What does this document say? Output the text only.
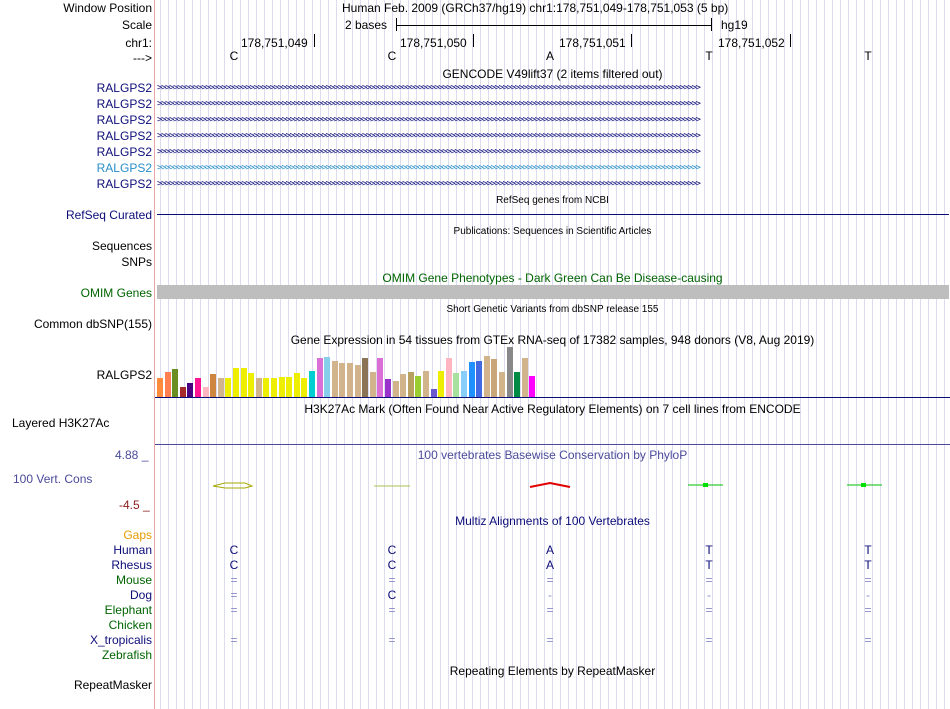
Window Position
Scale
chr1:
--->
Human Feb. 2009 (GRCh37/hg19) chr1:178,751,049-178,751,053 (5 bp)
2 bases	hg19
178,751,049	178,751,050	178,751,051	178,751,052
C	C	A	T	T
GENCODE V49lift37 (2 items filtered out)
RALGPS2 >>>>>>>>>>>>>>>>>>>>>>>>>>>>>>>>>>>>>>>>>>>>>>>>>>>>>>>>>>>>>>>>>>>>>>>>>>>>>>>>>>>>>>>>>>>>>>>>>>>>>>>>>>>>>>>>>>>>>>>>>>>>>>>>>>>>>>>
RALGPS2 >>>>>>>>>>>>>>>>>>>>>>>>>>>>>>>>>>>>>>>>>>>>>>>>>>>>>>>>>>>>>>>>>>>>>>>>>>>>>>>>>>>>>>>>>>>>>>>>>>>>>>>>>>>>>>>>>>>>>>>>>>>>>>>>>>>>>>>
RALGPS2 >>>>>>>>>>>>>>>>>>>>>>>>>>>>>>>>>>>>>>>>>>>>>>>>>>>>>>>>>>>>>>>>>>>>>>>>>>>>>>>>>>>>>>>>>>>>>>>>>>>>>>>>>>>>>>>>>>>>>>>>>>>>>>>>>>>>>>>
RALGPS2 >>>>>>>>>>>>>>>>>>>>>>>>>>>>>>>>>>>>>>>>>>>>>>>>>>>>>>>>>>>>>>>>>>>>>>>>>>>>>>>>>>>>>>>>>>>>>>>>>>>>>>>>>>>>>>>>>>>>>>>>>>>>>>>>>>>>>>>
RALGPS2 >>>>>>>>>>>>>>>>>>>>>>>>>>>>>>>>>>>>>>>>>>>>>>>>>>>>>>>>>>>>>>>>>>>>>>>>>>>>>>>>>>>>>>>>>>>>>>>>>>>>>>>>>>>>>>>>>>>>>>>>>>>>>>>>>>>>>>>
RALGPS2 >>>>>>>>>>>>>>>>>>>>>>>>>>>>>>>>>>>>>>>>>>>>>>>>>>>>>>>>>>>>>>>>>>>>>>>>>>>>>>>>>>>>>>>>>>>>>>>>>>>>>>>>>>>>>>>>>>>>>>>>>>>>>>>>>>>>>>>
RALGPS2 >>>>>>>>>>>>>>>>>>>>>>>>>>>>>>>>>>>>>>>>>>>>>>>>>>>>>>>>>>>>>>>>>>>>>>>>>>>>>>>>>>>>>>>>>>>>>>>>>>>>>>>>>>>>>>>>>>>>>>>>>>>>>>>>>>>>>>>
RefSeq genes from NCBI
RefSeq Curated
Publications: Sequences in Scientific Articles
Sequences
SNPs
OMIM Gene Phenotypes - Dark Green Can Be Disease-causing
OMIM Genes
Short Genetic Variants from dbSNP release 155
Common dbSNP(155)
Gene Expression in 54 tissues from GTEx RNA-seq of 17382 samples, 948 donors (V8, Aug 2019)
RALGPS2
H3K27Ac Mark (Often Found Near Active Regulatory Elements) on 7 cell lines from ENCODE
Layered H3K27Ac
4.88 _	100 vertebrates Basewise Conservation by PhyloP
100 Vert. Cons
-4.5 _
Multiz Alignments of 100 Vertebrates
Gaps
Human	C	C	A	T	T
Rhesus	C	C	A	T	T
Mouse	=	=	=	=	=
Dog	=	C	-	-	-
Elephant	=	=	=	=	=
Chicken
X_tropicalis	=	=	=	=	=
Zebrafish
Repeating Elements by RepeatMasker
RepeatMasker
